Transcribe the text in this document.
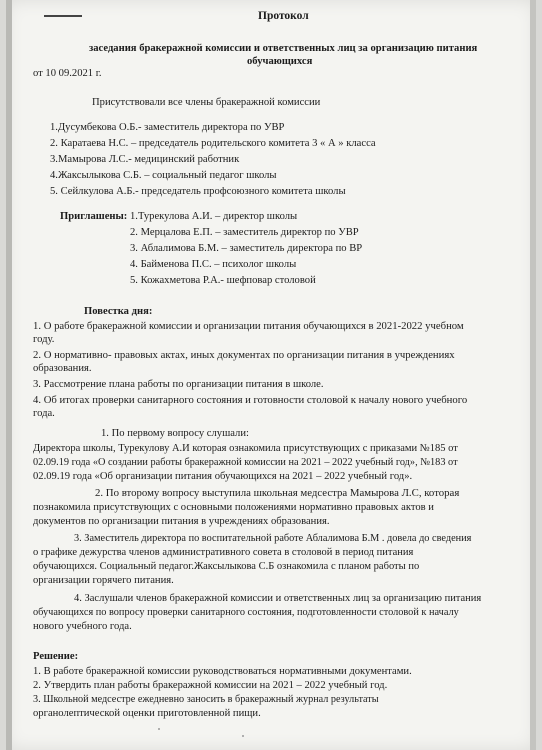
Протокол
заседания бракеражной комиссии и ответственных лиц за организацию питания
обучающихся
от 10 09.2021 г.
Присутствовали все члены бракеражной комиссии
1.Дусумбекова О.Б.- заместитель директора по УВР
2. Каратаева Н.С. – председатель родительского комитета 3 « А » класса
3.Мамырова Л.С.- медицинский работник
4.Жаксылыкова С.Б. – социальный педагог школы
5. Сейлкулова А.Б.- председатель профсоюзного комитета школы
Приглашены: 1.Турекулова А.И. – директор школы
2. Мерцалова Е.П. – заместитель директор по УВР
3. Аблалимова Б.М. – заместитель директора по ВР
4. Байменова П.С. – психолог школы
5. Кожахметова Р.А.- шефповар столовой
Повестка дня:
1. О работе бракеражной комиссии и организации питания обучающихся в 2021-2022 учебном
году.
2. О нормативно- правовых актах, иных документах по организации питания в учреждениях
образования.
3. Рассмотрение плана работы по организации питания в школе.
4. Об итогах проверки санитарного состояния и готовности столовой к началу нового учебного
года.
1. По первому вопросу слушали:
Директора школы, Турекулову А.И которая ознакомила присутствующих с приказами №185 от
02.09.19 года «О создании работы бракеражной комиссии на 2021 – 2022 учебный год», №183 от
02.09.19 года «Об организации питания обучающихся на 2021 – 2022 учебный год».
2. По второму вопросу выступила школьная медсестра Мамырова Л.С, которая
познакомила присутствующих с основными положениями нормативно правовых актов и
документов по организации питания в учреждениях образования.
3. Заместитель директора по воспитательной работе Аблалимова Б.М . довела до сведения
о графике дежурства членов административного совета в столовой в период питания
обучающихся. Социальный педагог.Жаксылыкова С.Б ознакомила с планом работы по
организации горячего питания.
4. Заслушали членов бракеражной комиссии и ответственных лиц за организацию питания
обучающихся по вопросу проверки санитарного состояния, подготовленности столовой к началу
нового учебного года.
Решение:
1. В работе бракеражной комиссии руководствоваться нормативными документами.
2. Утвердить план работы бракеражной комиссии на 2021 – 2022 учебный год.
3. Школьной медсестре ежедневно заносить в бракеражный журнал результаты
органолептической оценки приготовленной пищи.
